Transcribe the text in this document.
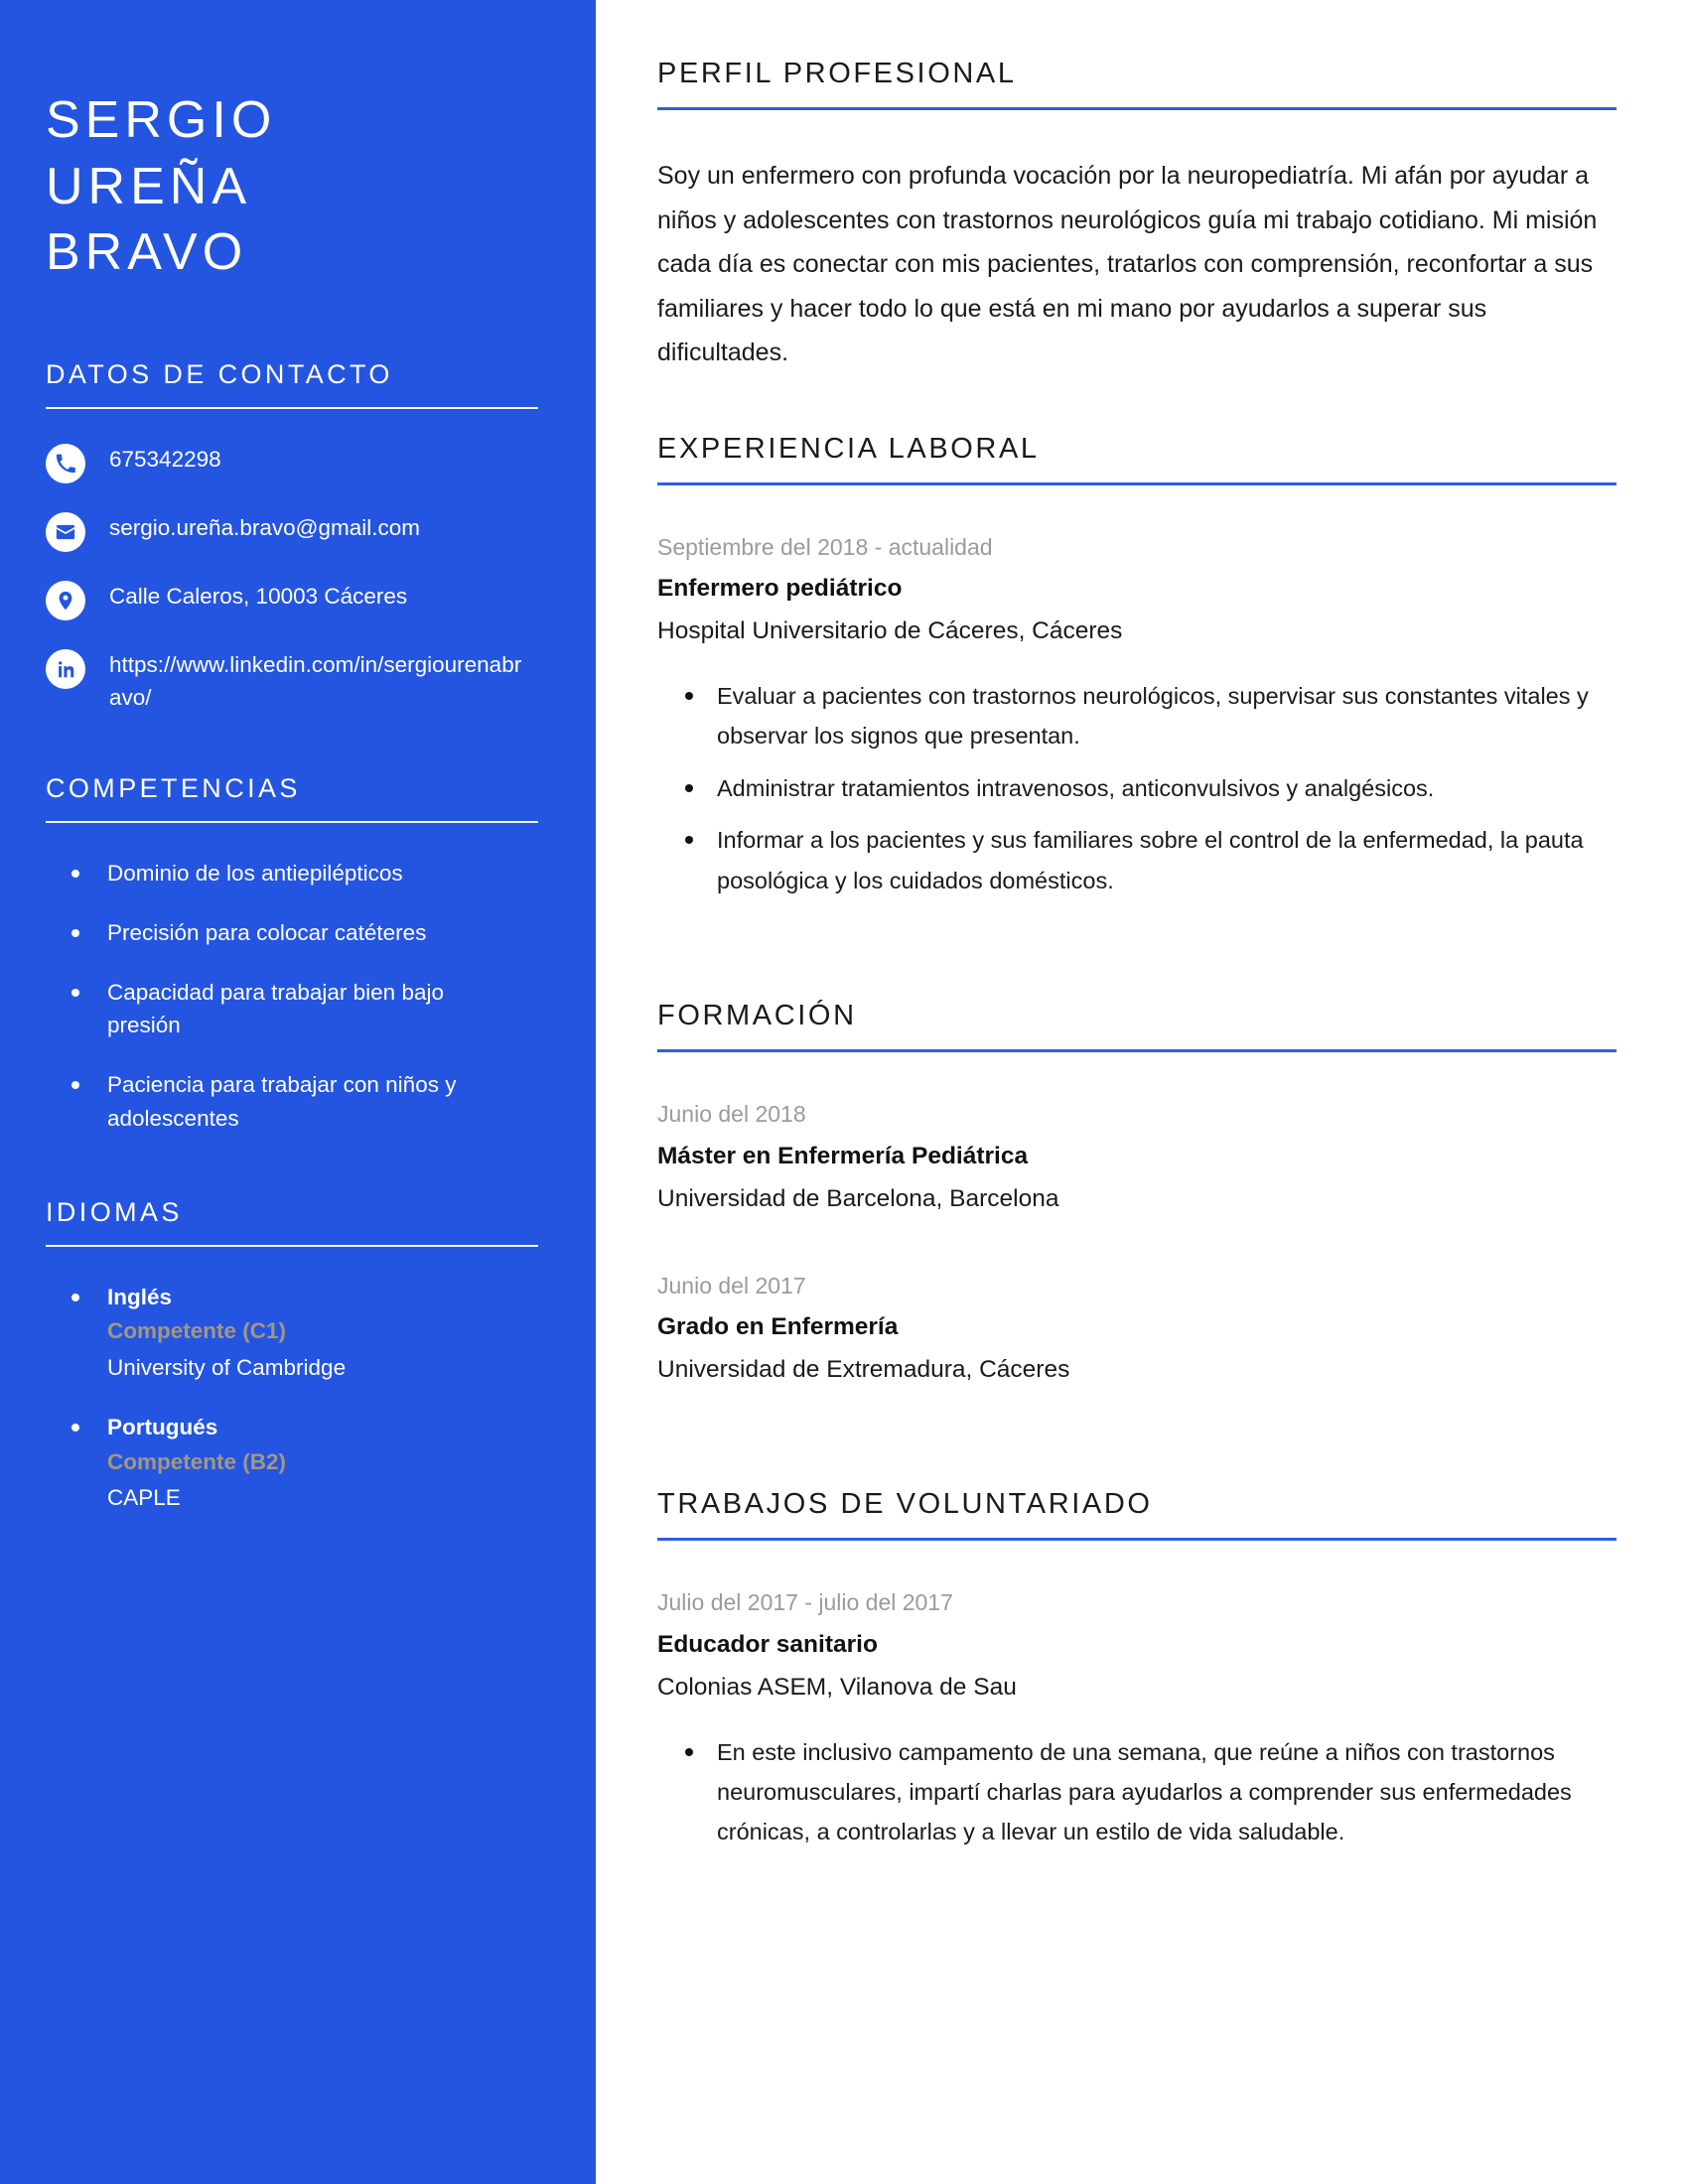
SERGIO
UREÑA
BRAVO
DATOS DE CONTACTO
675342298
sergio.ureña.bravo@gmail.com
Calle Caleros, 10003 Cáceres
https://www.linkedin.com/in/sergiourenabravo/
COMPETENCIAS
Dominio de los antiepilépticos
Precisión para colocar catéteres
Capacidad para trabajar bien bajo presión
Paciencia para trabajar con niños y adolescentes
IDIOMAS
Inglés
Competente (C1)
University of Cambridge
Portugués
Competente (B2)
CAPLE
PERFIL PROFESIONAL

Soy un enfermero con profunda vocación por la neuropediatría. Mi afán por ayudar a niños y adolescentes con trastornos neurológicos guía mi trabajo cotidiano. Mi misión cada día es conectar con mis pacientes, tratarlos con comprensión, reconfortar a sus familiares y hacer todo lo que está en mi mano por ayudarlos a superar sus dificultades.

EXPERIENCIA LABORAL
Septiembre del 2018 - actualidad
Enfermero pediátrico
Hospital Universitario de Cáceres, Cáceres
Evaluar a pacientes con trastornos neurológicos, supervisar sus constantes vitales y observar los signos que presentan.
Administrar tratamientos intravenosos, anticonvulsivos y analgésicos.
Informar a los pacientes y sus familiares sobre el control de la enfermedad, la pauta posológica y los cuidados domésticos.
FORMACIÓN
Junio del 2018
Máster en Enfermería Pediátrica
Universidad de Barcelona, Barcelona
Junio del 2017
Grado en Enfermería
Universidad de Extremadura, Cáceres
TRABAJOS DE VOLUNTARIADO
Julio del 2017 - julio del 2017
Educador sanitario
Colonias ASEM, Vilanova de Sau
En este inclusivo campamento de una semana, que reúne a niños con trastornos neuromusculares, impartí charlas para ayudarlos a comprender sus enfermedades crónicas, a controlarlas y a llevar un estilo de vida saludable.
